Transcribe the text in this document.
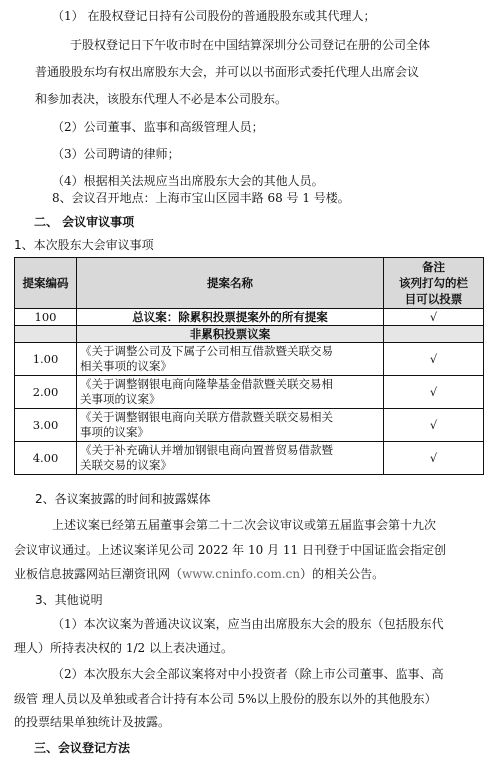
（1） 在股权登记日持有公司股份的普通股股东或其代理人；
于股权登记日下午收市时在中国结算深圳分公司登记在册的公司全体
普通股股东均有权出席股东大会，并可以以书面形式委托代理人出席会议
和参加表决，该股东代理人不必是本公司股东。
（2）公司董事、监事和高级管理人员；
（3）公司聘请的律师；
（4）根据相关法规应当出席股东大会的其他人员。
8、会议召开地点：上海市宝山区园丰路 68 号 1 号楼。
二、 会议审议事项
1、本次股东大会审议事项
提案编码	提案名称	备注
该列打勾的栏
目可以投票

100	总议案：除累积投票提案外的所有提案	√
	非累积投票议案	
1.00	《关于调整公司及下属子公司相互借款暨关联交易
相关事项的议案》	√
2.00	《关于调整钢银电商向隆挚基金借款暨关联交易相
关事项的议案》	√
3.00	《关于调整钢银电商向关联方借款暨关联交易相关
事项的议案》	√
4.00	《关于补充确认并增加钢银电商向置普贸易借款暨
关联交易的议案》	√
2、各议案披露的时间和披露媒体
上述议案已经第五届董事会第二十二次会议审议或第五届监事会第十九次
会议审议通过。上述议案详见公司 2022 年 10 月 11 日刊登于中国证监会指定创
业板信息披露网站巨潮资讯网（www.cninfo.com.cn）的相关公告。
3、其他说明
（1）本次议案为普通决议议案，应当由出席股东大会的股东（包括股东代
理人）所持表决权的 1/2 以上表决通过。
（2）本次股东大会全部议案将对中小投资者（除上市公司董事、监事、高
级管 理人员以及单独或者合计持有本公司 5%以上股份的股东以外的其他股东）
的投票结果单独统计及披露。
三、会议登记方法
